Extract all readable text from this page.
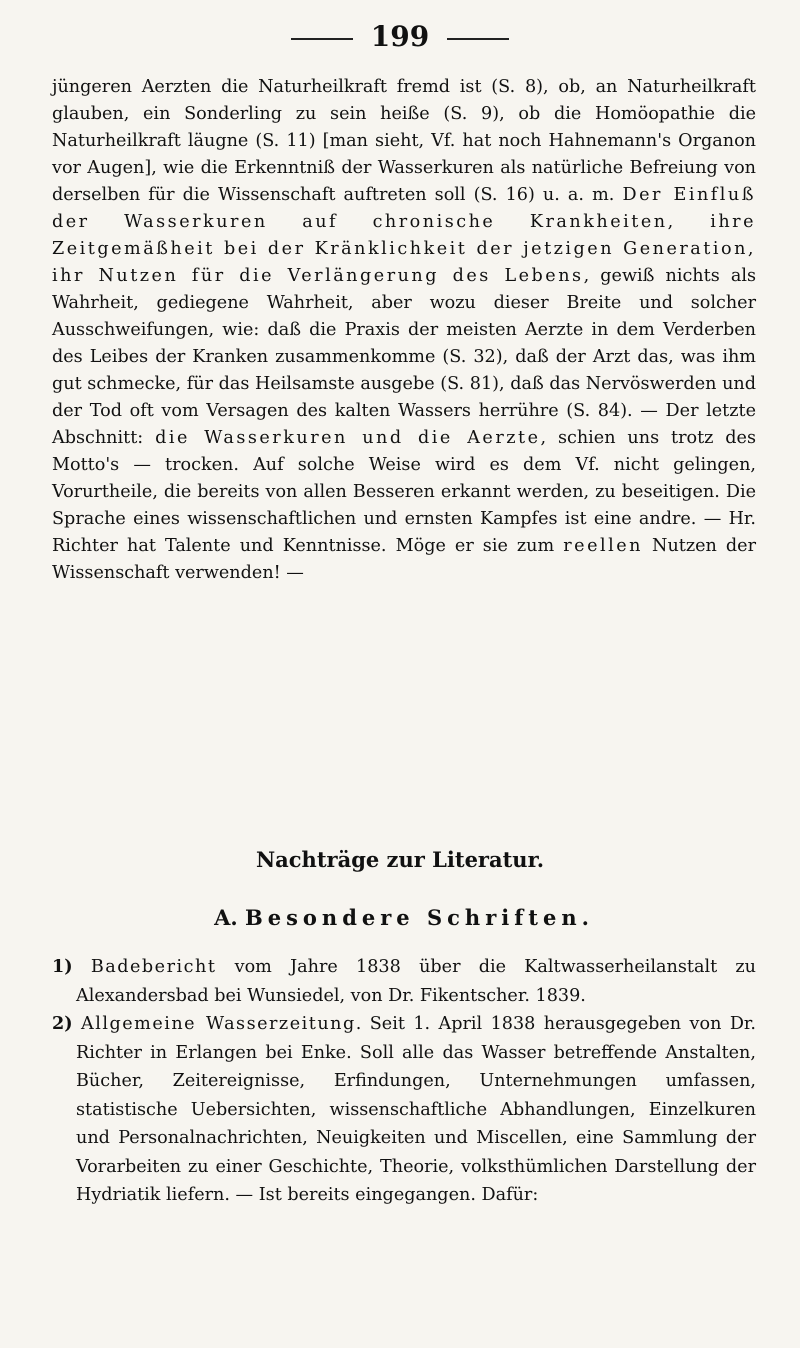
199

jüngeren Aerzten die Naturheilkraft fremd ist (S. 8), ob, an Naturheilkraft glauben, ein Sonderling zu sein heiße (S. 9), ob die Homöopathie die Naturheilkraft läugne (S. 11) [man sieht, Vf. hat noch Hahnemann's Organon vor Augen], wie die Erkenntniß der Wasserkuren als natürliche Befreiung von derselben für die Wissenschaft auftreten soll (S. 16) u. a. m. Der Einfluß der Wasserkuren auf chronische Krankheiten, ihre Zeitgemäßheit bei der Kränklichkeit der jetzigen Generation, ihr Nutzen für die Verlängerung des Lebens, gewiß nichts als Wahrheit, gediegene Wahrheit, aber wozu dieser Breite und solcher Ausschweifungen, wie: daß die Praxis der meisten Aerzte in dem Verderben des Leibes der Kranken zusammenkomme (S. 32), daß der Arzt das, was ihm gut schmecke, für das Heilsamste ausgebe (S. 81), daß das Nervöswerden und der Tod oft vom Versagen des kalten Wassers herrühre (S. 84). — Der letzte Abschnitt: die Wasserkuren und die Aerzte, schien uns trotz des Motto's — trocken. Auf solche Weise wird es dem Vf. nicht gelingen, Vorurtheile, die bereits von allen Besseren erkannt werden, zu beseitigen. Die Sprache eines wissenschaftlichen und ernsten Kampfes ist eine andre. — Hr. Richter hat Talente und Kenntnisse. Möge er sie zum reellen Nutzen der Wissenschaft verwenden! —

Nachträge zur Literatur.
A. Besondere Schriften.
1) Badebericht vom Jahre 1838 über die Kaltwasserheilanstalt zu Alexandersbad bei Wunsiedel, von Dr. Fikentscher. 1839.
2) Allgemeine Wasserzeitung. Seit 1. April 1838 herausgegeben von Dr. Richter in Erlangen bei Enke. Soll alle das Wasser betreffende Anstalten, Bücher, Zeitereignisse, Erfindungen, Unternehmungen umfassen, statistische Uebersichten, wissenschaftliche Abhandlungen, Einzelkuren und Personalnachrichten, Neuigkeiten und Miscellen, eine Sammlung der Vorarbeiten zu einer Geschichte, Theorie, volksthümlichen Darstellung der Hydriatik liefern. — Ist bereits eingegangen. Dafür:
